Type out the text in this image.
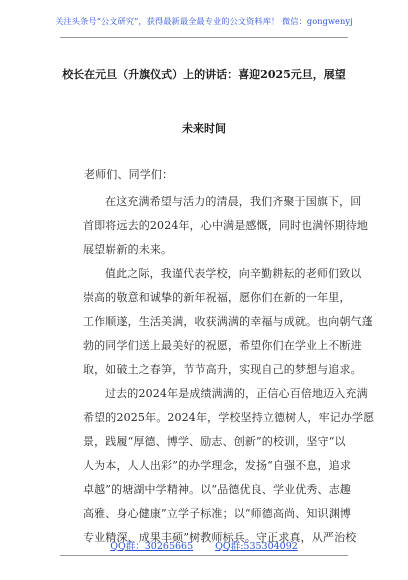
关注头条号“公文研究”，获得最新最全最专业的公文资料库！ 微信：gongwenyj
校长在元旦（升旗仪式）上的讲话：喜迎2025元旦，展望
未来时间
老师们、同学们：
在这充满希望与活力的清晨，我们齐聚于国旗下，回
首即将远去的2024年，心中满是感慨，同时也满怀期待地
展望崭新的未来。
值此之际，我谨代表学校，向辛勤耕耘的老师们致以
崇高的敬意和诚挚的新年祝福，愿你们在新的一年里，
工作顺遂，生活美满，收获满满的幸福与成就。也向朝气蓬
勃的同学们送上最美好的祝愿，希望你们在学业上不断进
取，如破土之春笋，节节高升，实现自己的梦想与追求。
过去的2024年是成绩满满的，正信心百倍地迈入充满
希望的2025年。2024年，学校坚持立德树人，牢记办学愿
景，践履“厚德、博学、励志、创新”的校训，坚守“以
人为本，人人出彩”的办学理念，发扬“自强不息，追求
卓越”的塘湖中学精神。以“品德优良、学业优秀、志趣
高雅、身心健康”立学子标准；以“师德高尚、知识渊博
专业精深、成果丰硕”树教师标兵。守正求真，从严治校
QQ群：30265665 QQ群:535304092
